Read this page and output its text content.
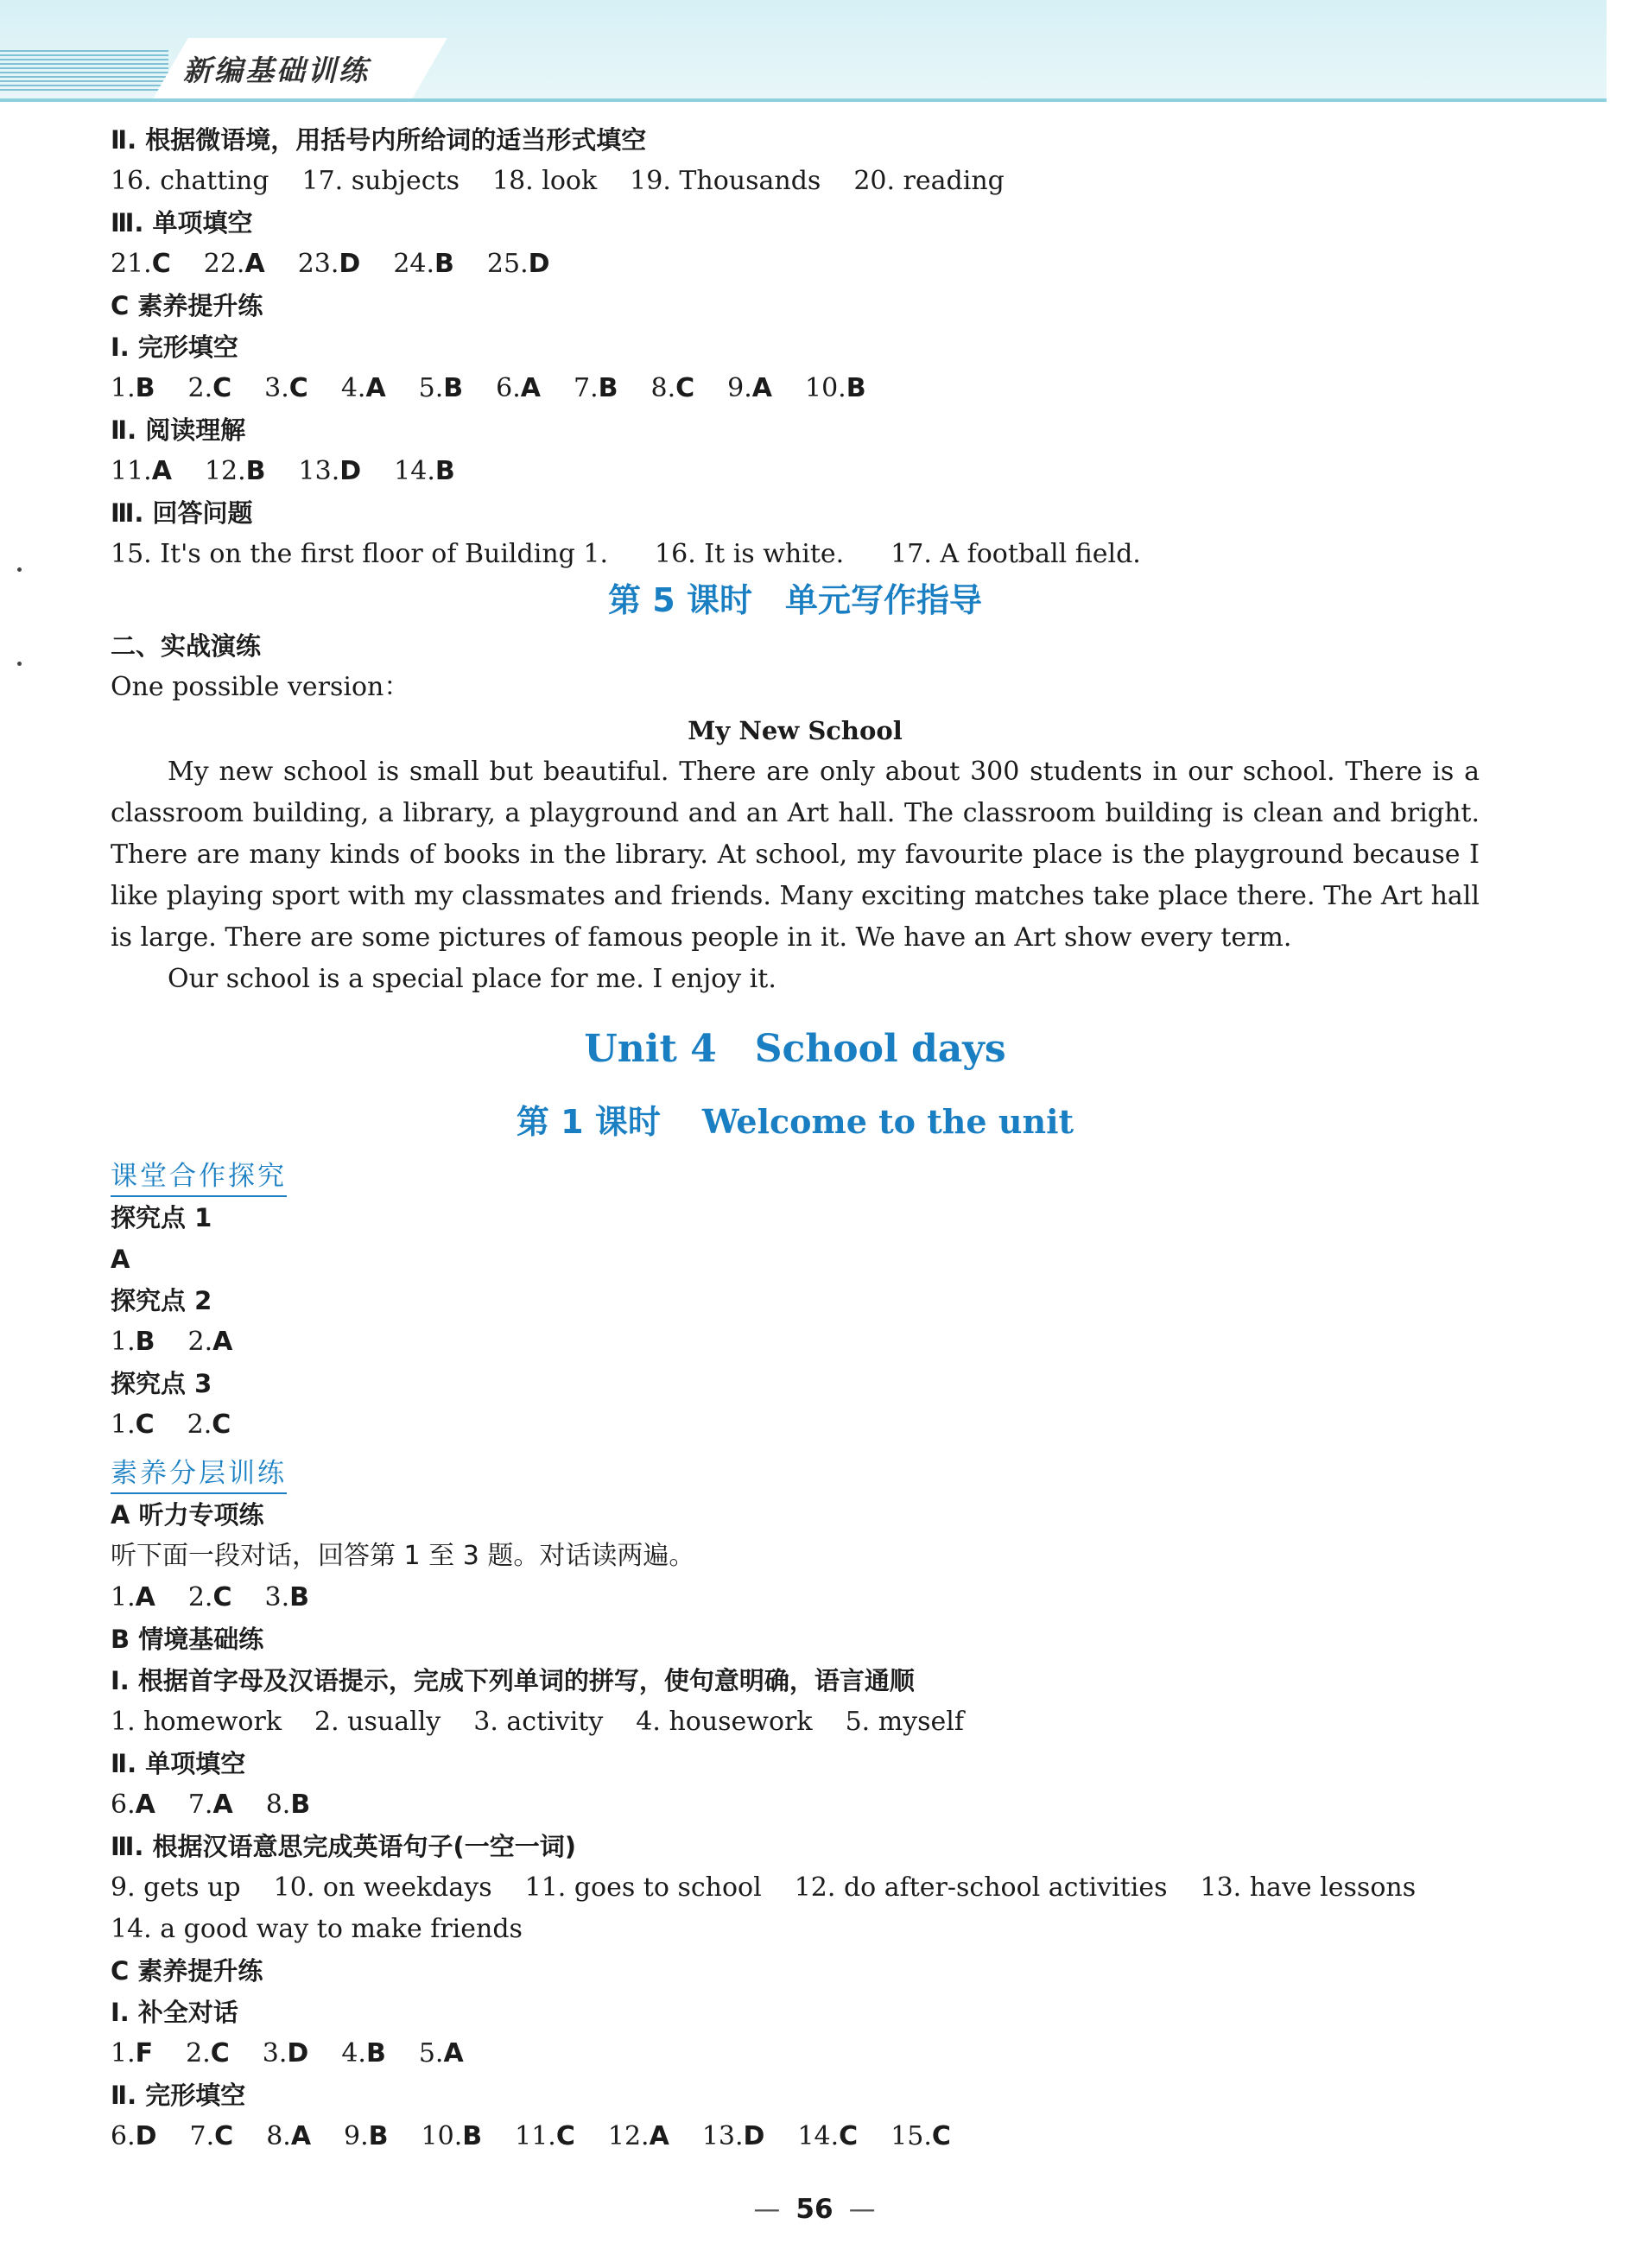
新编基础训练
Ⅱ. 根据微语境，用括号内所给词的适当形式填空
16. chatting 17. subjects 18. look 19. Thousands 20. reading
Ⅲ. 单项填空
21.C 22.A 23.D 24.B 25.D
C 素养提升练
Ⅰ. 完形填空
1.B 2.C 3.C 4.A 5.B 6.A 7.B 8.C 9.A 10.B
Ⅱ. 阅读理解
11.A 12.B 13.D 14.B
Ⅲ. 回答问题
15. It's on the first floor of Building 1. 16. It is white. 17. A football field.
第 5 课时　单元写作指导
二、实战演练
One possible version：
My New School

My new school is small but beautiful. There are only about 300 students in our school. There is a classroom building, a library, a playground and an Art hall. The classroom building is clean and bright. There are many kinds of books in the library. At school, my favourite place is the playground because I like playing sport with my classmates and friends. Many exciting matches take place there. The Art hall is large. There are some pictures of famous people in it. We have an Art show every term.

Our school is a special place for me. I enjoy it.

Unit 4　School days
第 1 课时 Welcome to the unit
课堂合作探究
探究点 1
A
探究点 2
1.B 2.A
探究点 3
1.C 2.C
素养分层训练
A 听力专项练
听下面一段对话，回答第 1 至 3 题。对话读两遍。
1.A 2.C 3.B
B 情境基础练
Ⅰ. 根据首字母及汉语提示，完成下列单词的拼写，使句意明确，语言通顺
1. homework 2. usually 3. activity 4. housework 5. myself
Ⅱ. 单项填空
6.A 7.A 8.B
Ⅲ. 根据汉语意思完成英语句子(一空一词)
9. gets up 10. on weekdays 11. goes to school 12. do after-school activities 13. have lessons
14. a good way to make friends
C 素养提升练
Ⅰ. 补全对话
1.F 2.C 3.D 4.B 5.A
Ⅱ. 完形填空
6.D 7.C 8.A 9.B 10.B 11.C 12.A 13.D 14.C 15.C
— 56 —
